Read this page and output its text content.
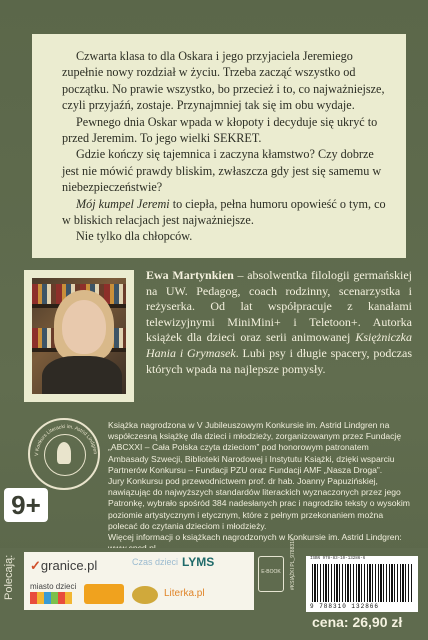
Czwarta klasa to dla Oskara i jego przyjaciela Jeremiego zupełnie nowy rozdział w życiu. Trzeba zacząć wszystko od początku. No prawie wszystko, bo przecież i to, co najważniejsze, czyli przyjaźń, zostaje. Przynajmniej tak się im obu wydaje.

Pewnego dnia Oskar wpada w kłopoty i decyduje się ukryć to przed Jeremim. To jego wielki SEKRET.

Gdzie kończy się tajemnica i zaczyna kłamstwo? Czy dobrze jest nie mówić prawdy bliskim, zwłaszcza gdy jest się samemu w niebezpieczeństwie?

Mój kumpel Jeremi to ciepła, pełna humoru opowieść o tym, co w bliskich relacjach jest najważniejsze.

Nie tylko dla chłopców.

Ewa Martynkien – absolwentka filologii germańskiej na UW. Pedagog, coach rodzinny, scenarzystka i reżyserka. Od lat współpracuje z kanałami telewizyjnymi MiniMini+ i Teletoon+. Autorka książek dla dzieci oraz serii animowanej Księżniczka Hania i Grymasek. Lubi psy i długie spacery, podczas których wpada na najlepsze pomysły.
V Konkurs Literacki im. Astrid Lindgren

Książka nagrodzona w V Jubileuszowym Konkursie im. Astrid Lindgren na współczesną książkę dla dzieci i młodzieży, zorganizowanym przez Fundację „ABCXXI – Cała Polska czyta dzieciom” pod honorowym patronatem Ambasady Szwecji, Biblioteki Narodowej i Instytutu Książki, dzięki wsparciu Partnerów Konkursu – Fundacji PZU oraz Fundacji AMF „Nasza Droga”.

Jury Konkursu pod przewodnictwem prof. dr hab. Joanny Papuzińskiej, nawiązując do najwyższych standardów literackich wyznaczonych przez jego Patronkę, wybrało spośród 384 nadesłanych prac i nagrodziło teksty o wysokim poziomie artystycznym i etycznym, które z pełnym przekonaniem można polecać do czytania dzieciom i młodzieży.

Więcej informacji o książkach nagrodzonych w Konkursie im. Astrid Lindgren:

9+
Polecają: ✓granice.pl	Czas dzieci LYMS
miasto dzieci
Literka.pl
E-BOOK	#KSIĄŻKI PL_9788310	ISBN 978-83-10-13286-6
9 788310 132866
cena: 26,90 zł
